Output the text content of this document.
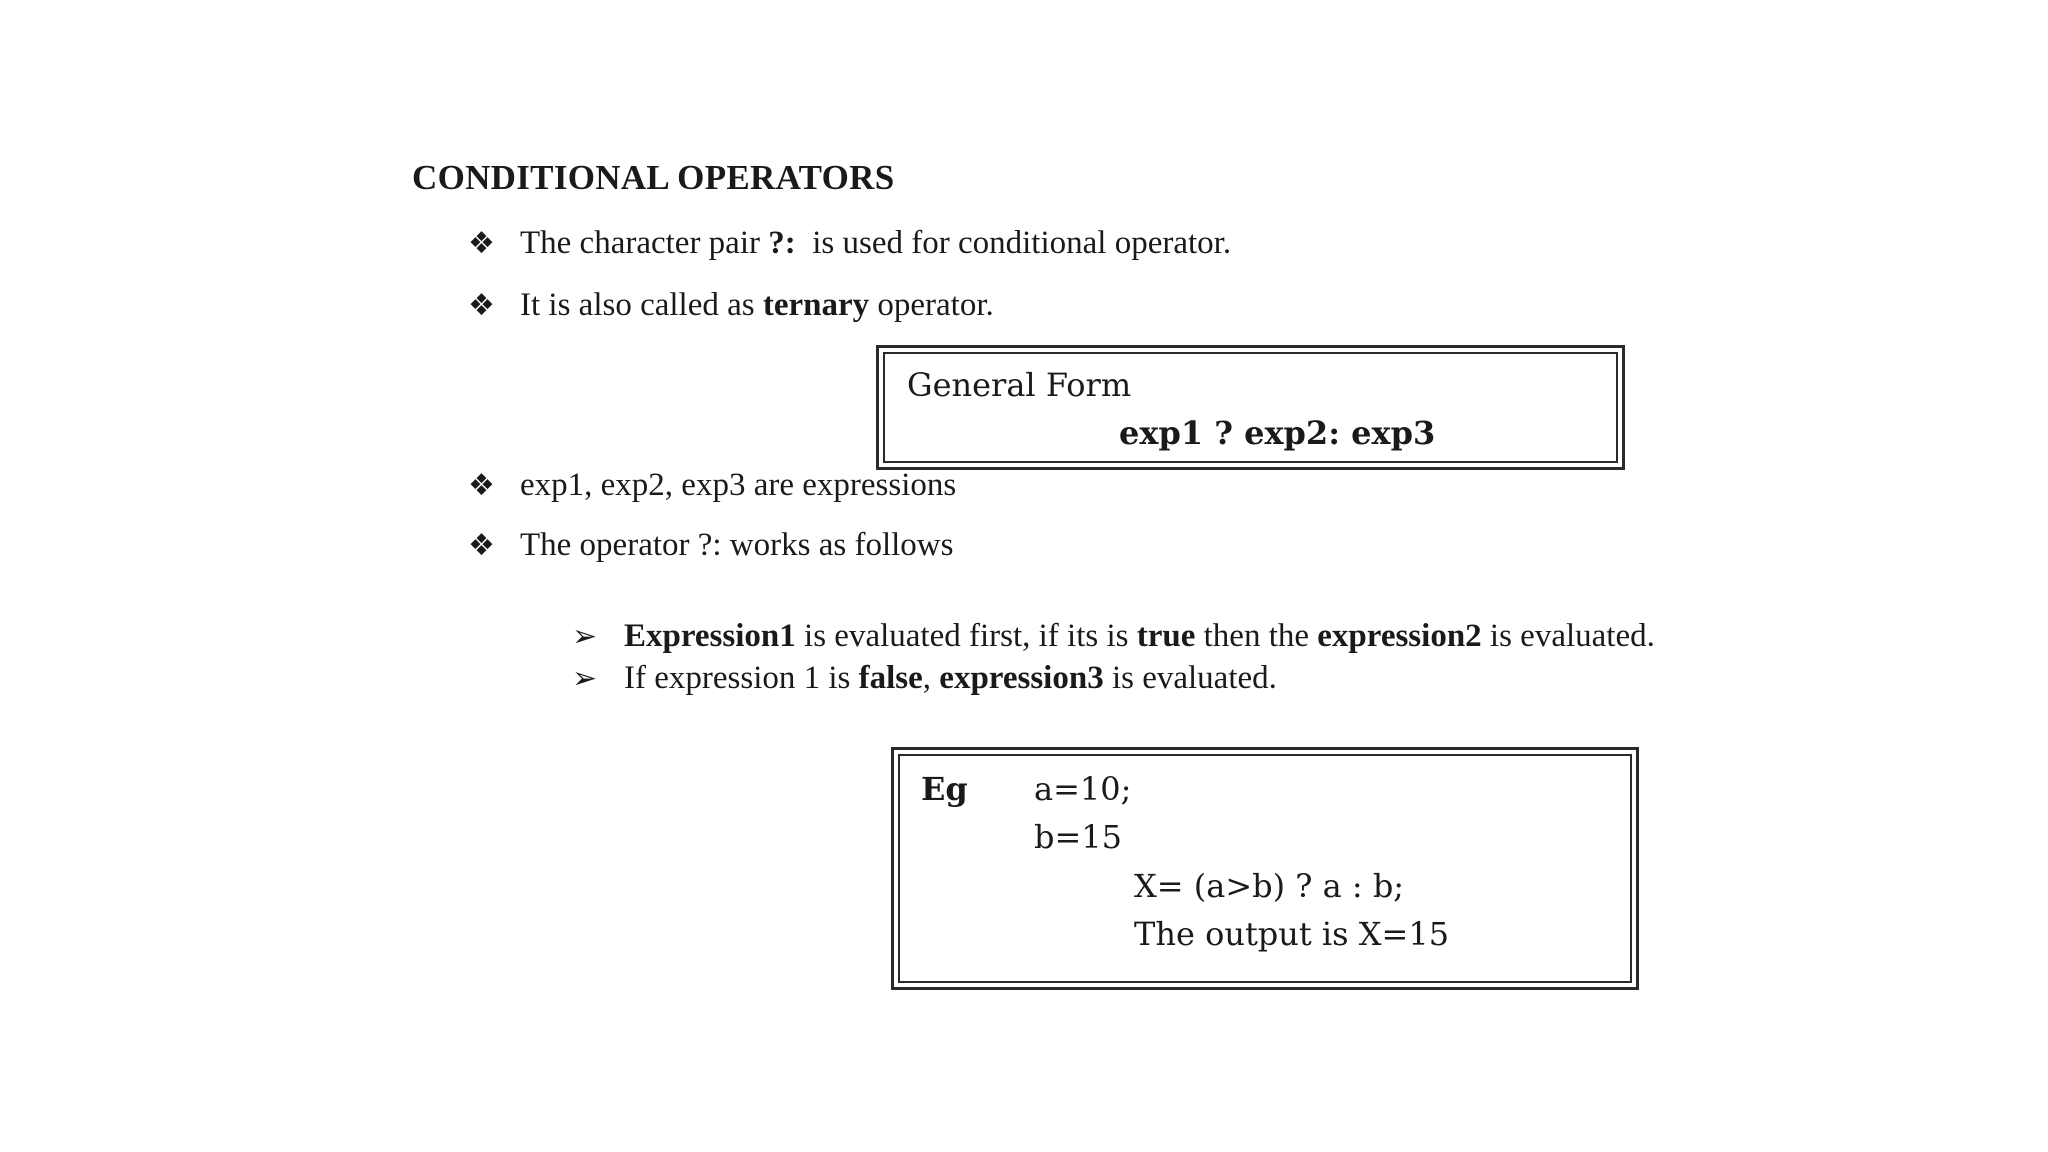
CONDITIONAL OPERATORS
❖ The character pair ?:  is used for conditional operator.
❖ It is also called as ternary operator.
General Form
exp1 ? exp2: exp3
❖ exp1, exp2, exp3 are expressions
❖ The operator ?: works as follows
➢ Expression1 is evaluated first, if its is true then the expression2 is evaluated.
➢ If expression 1 is false, expression3 is evaluated.
Eg a=10;
b=15
X= (a>b) ? a : b;
The output is X=15
